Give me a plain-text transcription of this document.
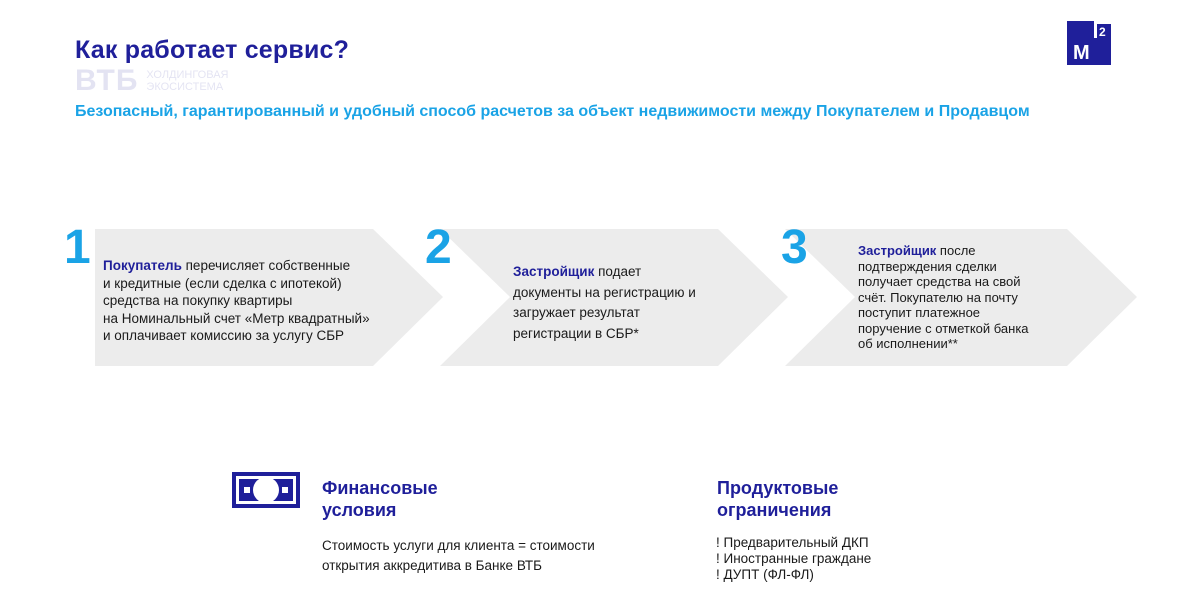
Как работает сервис?
ВТБ ХОЛДИНГОВАЯ
ЭКОСИСТЕМА
М
2
Безопасный, гарантированный и удобный способ расчетов за объект недвижимости между Покупателем и Продавцом
1 Покупатель перечисляет собственные
и кредитные (если сделка с ипотекой)
средства на покупку квартиры
на Номинальный счет «Метр квадратный»
и оплачивает комиссию за услугу СБР
2	Застройщик подает
документы на регистрацию и
загружает результат
регистрации в СБР*
3	Застройщик после
подтверждения сделки
получает средства на свой
счёт. Покупателю на почту
поступит платежное
поручение с отметкой банка
об исполнении**
Финансовые
условия
Стоимость услуги для клиента = стоимости
открытия аккредитива в Банке ВТБ
Продуктовые
ограничения
! Предварительный ДКП
! Иностранные граждане
! ДУПТ (ФЛ-ФЛ)
